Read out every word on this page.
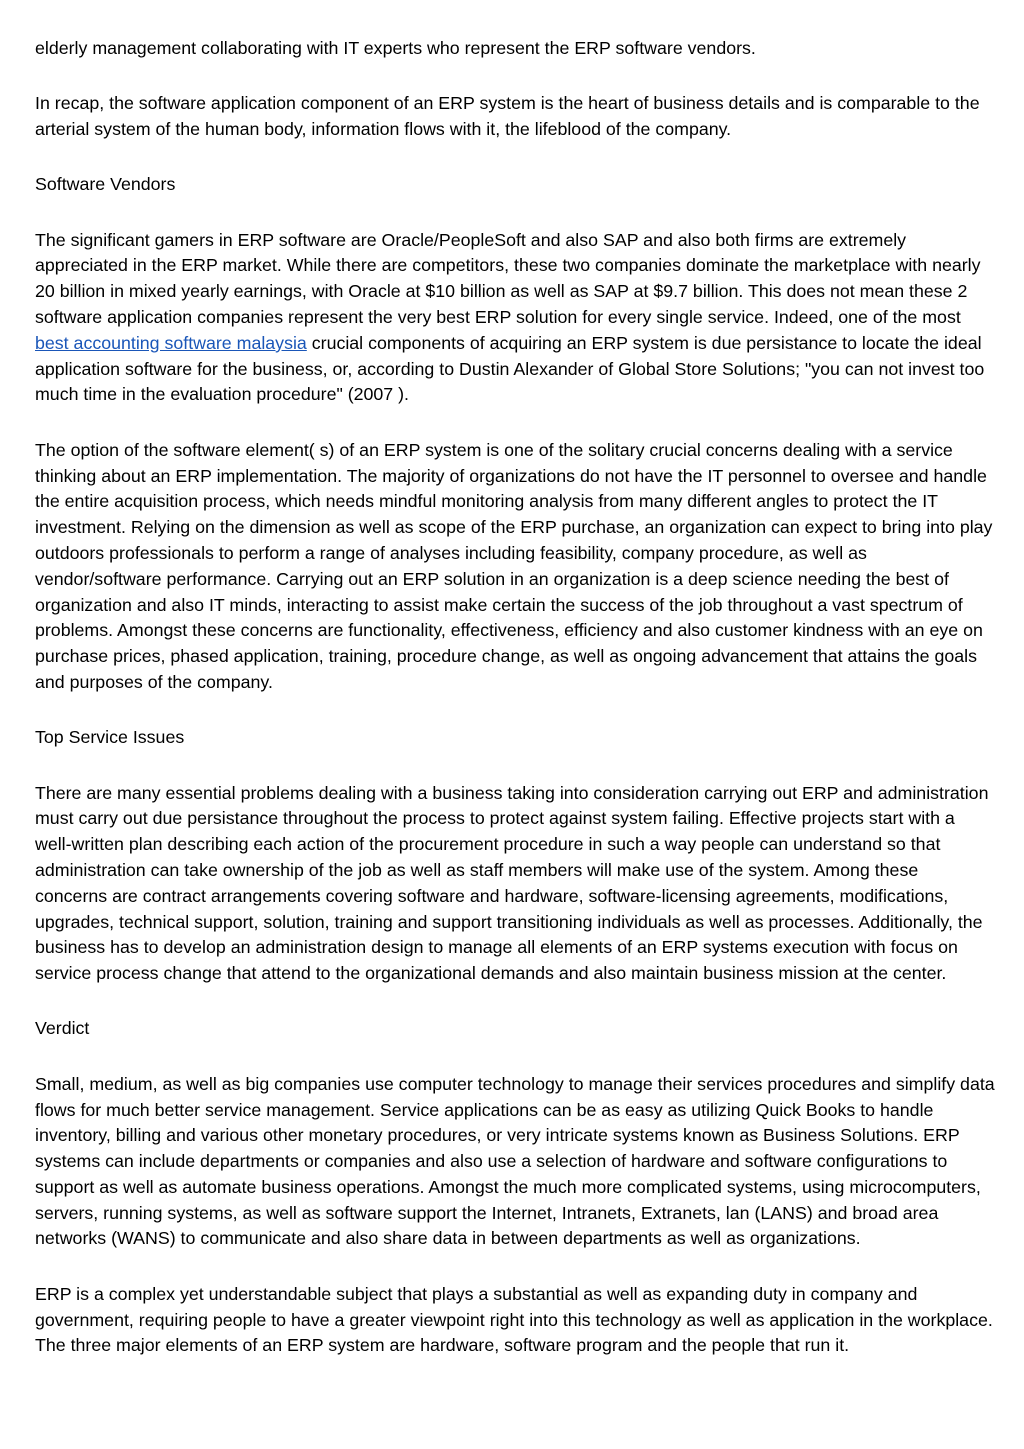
elderly management collaborating with IT experts who represent the ERP software vendors.

In recap, the software application component of an ERP system is the heart of business details and is comparable to the arterial system of the human body, information flows with it, the lifeblood of the company.

Software Vendors

The significant gamers in ERP software are Oracle/PeopleSoft and also SAP and also both firms are extremely appreciated in the ERP market. While there are competitors, these two companies dominate the marketplace with nearly 20 billion in mixed yearly earnings, with Oracle at $10 billion as well as SAP at $9.7 billion. This does not mean these 2 software application companies represent the very best ERP solution for every single service. Indeed, one of the most best accounting software malaysia crucial components of acquiring an ERP system is due persistance to locate the ideal application software for the business, or, according to Dustin Alexander of Global Store Solutions; "you can not invest too much time in the evaluation procedure" (2007 ).

The option of the software element( s) of an ERP system is one of the solitary crucial concerns dealing with a service thinking about an ERP implementation. The majority of organizations do not have the IT personnel to oversee and handle the entire acquisition process, which needs mindful monitoring analysis from many different angles to protect the IT investment. Relying on the dimension as well as scope of the ERP purchase, an organization can expect to bring into play outdoors professionals to perform a range of analyses including feasibility, company procedure, as well as vendor/software performance. Carrying out an ERP solution in an organization is a deep science needing the best of organization and also IT minds, interacting to assist make certain the success of the job throughout a vast spectrum of problems. Amongst these concerns are functionality, effectiveness, efficiency and also customer kindness with an eye on purchase prices, phased application, training, procedure change, as well as ongoing advancement that attains the goals and purposes of the company.

Top Service Issues

There are many essential problems dealing with a business taking into consideration carrying out ERP and administration must carry out due persistance throughout the process to protect against system failing. Effective projects start with a well-written plan describing each action of the procurement procedure in such a way people can understand so that administration can take ownership of the job as well as staff members will make use of the system. Among these concerns are contract arrangements covering software and hardware, software-licensing agreements, modifications, upgrades, technical support, solution, training and support transitioning individuals as well as processes. Additionally, the business has to develop an administration design to manage all elements of an ERP systems execution with focus on service process change that attend to the organizational demands and also maintain business mission at the center.

Verdict

Small, medium, as well as big companies use computer technology to manage their services procedures and simplify data flows for much better service management. Service applications can be as easy as utilizing Quick Books to handle inventory, billing and various other monetary procedures, or very intricate systems known as Business Solutions. ERP systems can include departments or companies and also use a selection of hardware and software configurations to support as well as automate business operations. Amongst the much more complicated systems, using microcomputers, servers, running systems, as well as software support the Internet, Intranets, Extranets, lan (LANS) and broad area networks (WANS) to communicate and also share data in between departments as well as organizations.

ERP is a complex yet understandable subject that plays a substantial as well as expanding duty in company and government, requiring people to have a greater viewpoint right into this technology as well as application in the workplace. The three major elements of an ERP system are hardware, software program and the people that run it.
